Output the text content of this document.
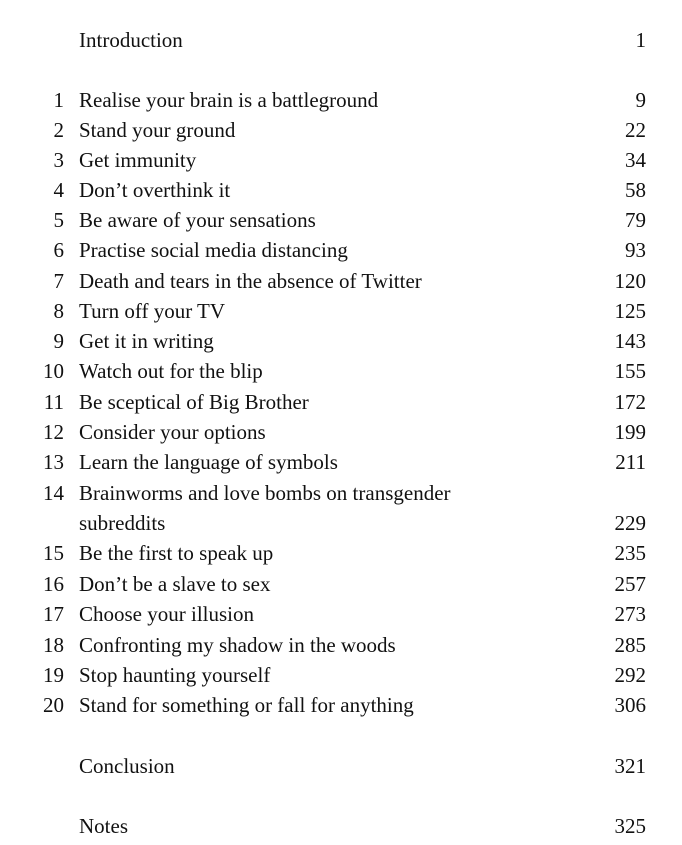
Introduction	1
1 Realise your brain is a battleground	9
2 Stand your ground	22
3 Get immunity	34
4 Don’t overthink it	58
5 Be aware of your sensations	79
6 Practise social media distancing	93
7 Death and tears in the absence of Twitter	120
8 Turn off your TV	125
9 Get it in writing	143
10 Watch out for the blip	155
11 Be sceptical of Big Brother	172
12 Consider your options	199
13 Learn the language of symbols	211
14 Brainworms and love bombs on transgender
subreddits	229
15 Be the first to speak up	235
16 Don’t be a slave to sex	257
17 Choose your illusion	273
18 Confronting my shadow in the woods	285
19 Stop haunting yourself	292
20 Stand for something or fall for anything	306
Conclusion	321
Notes	325
